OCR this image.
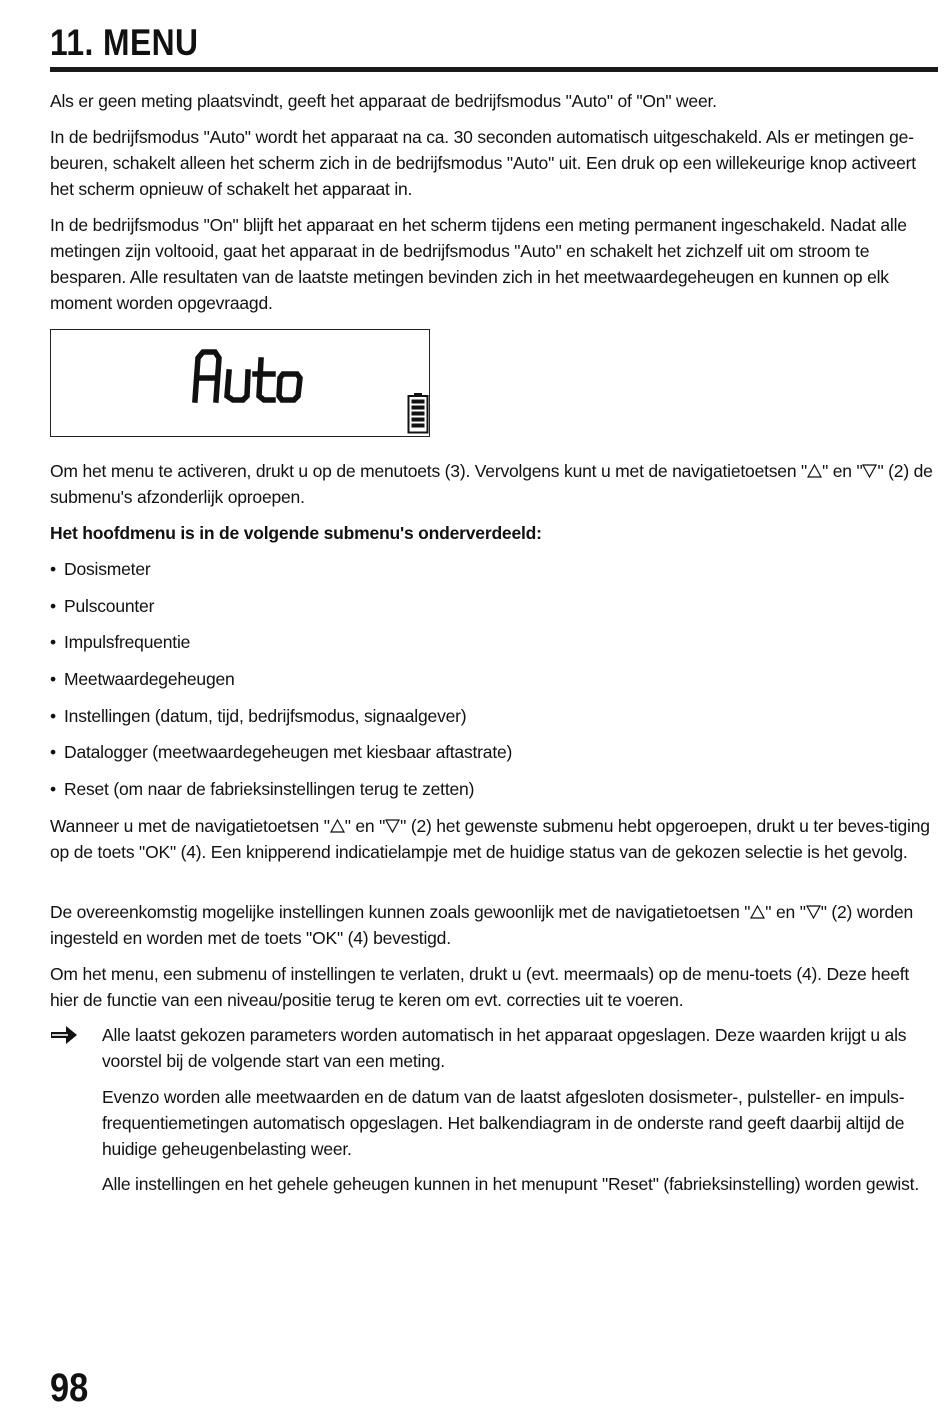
11. MENU
Als er geen meting plaatsvindt, geeft het apparaat de bedrijfsmodus "Auto" of "On" weer.
In de bedrijfsmodus "Auto" wordt het apparaat na ca. 30 seconden automatisch uitgeschakeld. Als er metingen ge-beuren, schakelt alleen het scherm zich in de bedrijfsmodus "Auto" uit. Een druk op een willekeurige knop activeert het scherm opnieuw of schakelt het apparaat in.
In de bedrijfsmodus "On" blijft het apparaat en het scherm tijdens een meting permanent ingeschakeld. Nadat alle metingen zijn voltooid, gaat het apparaat in de bedrijfsmodus "Auto" en schakelt het zichzelf uit om stroom te besparen. Alle resultaten van de laatste metingen bevinden zich in het meetwaardegeheugen en kunnen op elk moment worden opgevraagd.
Om het menu te activeren, drukt u op de menutoets (3). Vervolgens kunt u met de navigatietoetsen " " en " " (2) de submenu's afzonderlijk oproepen.
Het hoofdmenu is in de volgende submenu's onderverdeeld:
• Dosismeter
• Pulscounter
• Impulsfrequentie
• Meetwaardegeheugen
• Instellingen (datum, tijd, bedrijfsmodus, signaalgever)
• Datalogger (meetwaardegeheugen met kiesbaar aftastrate)
• Reset (om naar de fabrieksinstellingen terug te zetten)
Wanneer u met de navigatietoetsen " " en " " (2) het gewenste submenu hebt opgeroepen, drukt u ter beves-tiging op de toets "OK" (4). Een knipperend indicatielampje met de huidige status van de gekozen selectie is het gevolg.
De overeenkomstig mogelijke instellingen kunnen zoals gewoonlijk met de navigatietoetsen " " en " " (2) worden ingesteld en worden met de toets "OK" (4) bevestigd.
Om het menu, een submenu of instellingen te verlaten, drukt u (evt. meermaals) op de menu-toets (4). Deze heeft hier de functie van een niveau/positie terug te keren om evt. correcties uit te voeren.
Alle laatst gekozen parameters worden automatisch in het apparaat opgeslagen. Deze waarden krijgt u als voorstel bij de volgende start van een meting.
Evenzo worden alle meetwaarden en de datum van de laatst afgesloten dosismeter-, pulsteller- en impuls-frequentiemetingen automatisch opgeslagen. Het balkendiagram in de onderste rand geeft daarbij altijd de huidige geheugenbelasting weer.
Alle instellingen en het gehele geheugen kunnen in het menupunt "Reset" (fabrieksinstelling) worden gewist.
98
